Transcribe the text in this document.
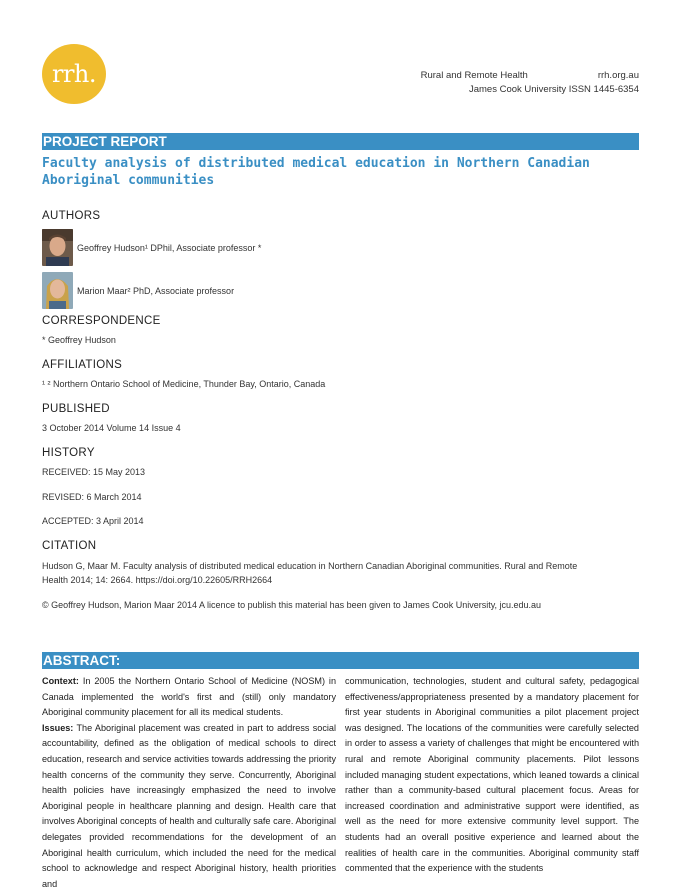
rrh.	Rural and Remote Health	rrh.org.au
James Cook University ISSN 1445-6354
PROJECT REPORT
Faculty analysis of distributed medical education in Northern Canadian Aboriginal communities
AUTHORS
Geoffrey Hudson¹ DPhil, Associate professor *
Marion Maar² PhD, Associate professor
CORRESPONDENCE
* Geoffrey Hudson
AFFILIATIONS
¹ ² Northern Ontario School of Medicine, Thunder Bay, Ontario, Canada
PUBLISHED
3 October 2014 Volume 14 Issue 4
HISTORY
RECEIVED: 15 May 2013
REVISED: 6 March 2014
ACCEPTED: 3 April 2014
CITATION
Hudson G, Maar M. Faculty analysis of distributed medical education in Northern Canadian Aboriginal communities. Rural and Remote
Health 2014; 14: 2664. https://doi.org/10.22605/RRH2664
© Geoffrey Hudson, Marion Maar 2014 A licence to publish this material has been given to James Cook University, jcu.edu.au
ABSTRACT:

Context: In 2005 the Northern Ontario School of Medicine (NOSM) in Canada implemented the world's first and (still) only mandatory Aboriginal community placement for all its medical students.

Issues: The Aboriginal placement was created in part to address social accountability, defined as the obligation of medical schools to direct education, research and service activities towards addressing the priority health concerns of the community they serve. Concurrently, Aboriginal health policies have increasingly emphasized the need to involve Aboriginal people in healthcare planning and design. Health care that involves Aboriginal concepts of health and culturally safe care. Aboriginal delegates provided recommendations for the development of an Aboriginal health curriculum, which included the need for the medical school to acknowledge and respect Aboriginal history, health priorities and

communication, technologies, student and cultural safety, pedagogical effectiveness/appropriateness presented by a mandatory placement for first year students in Aboriginal communities a pilot placement project was designed. The locations of the communities were carefully selected in order to assess a variety of challenges that might be encountered with rural and remote Aboriginal community placements. Pilot lessons included managing student expectations, which leaned towards a clinical rather than a community-based cultural placement focus. Areas for increased coordination and administrative support were identified, as well as the need for more extensive community level support. The students had an overall positive experience and learned about the realities of health care in the communities. Aboriginal community staff commented that the experience with the students
